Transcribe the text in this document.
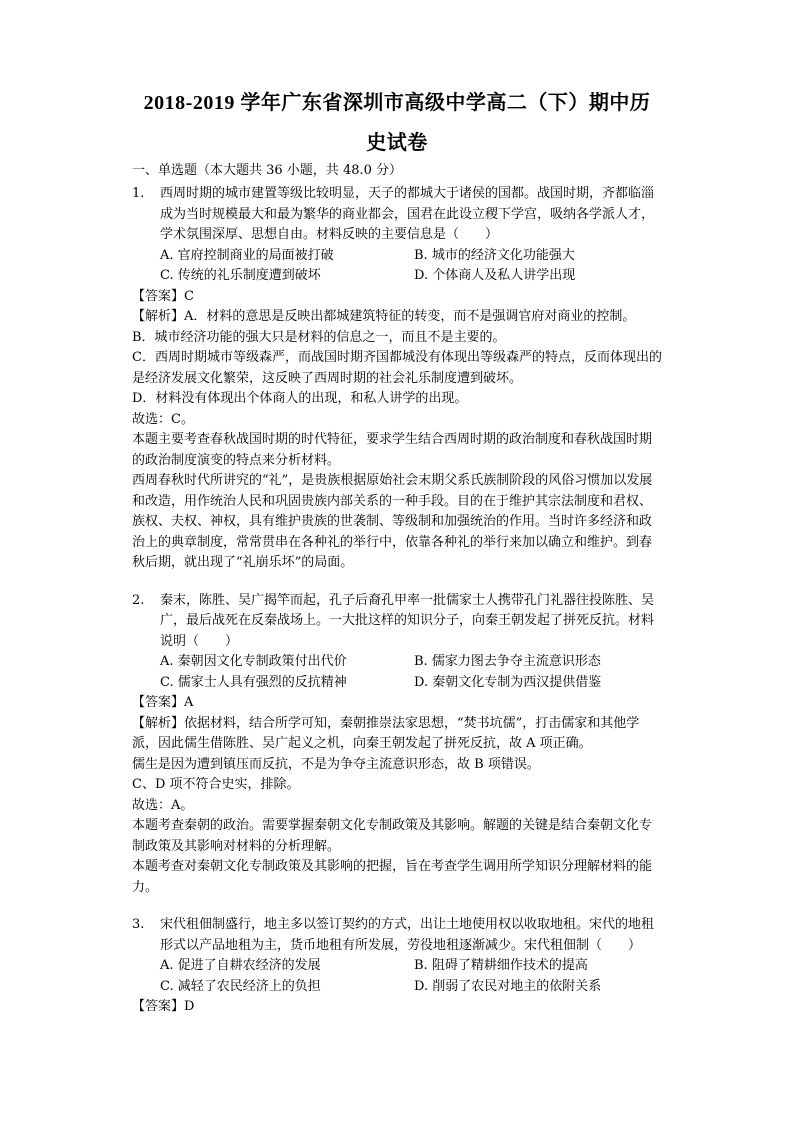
2018-2019 学年广东省深圳市高级中学高二（下）期中历
史试卷
一、单选题（本大题共 36 小题，共 48.0 分）
1.	西周时期的城市建置等级比较明显，天子的都城大于诸侯的国都。战国时期，齐都临淄成为当时规模最大和最为繁华的商业都会，国君在此设立稷下学宫，吸纳各学派人才，学术氛围深厚、思想自由。材料反映的主要信息是（　　）
A. 官府控制商业的局面被打破	B. 城市的经济文化功能强大
C. 传统的礼乐制度遭到破坏	D. 个体商人及私人讲学出现

【答案】C

【解析】A．材料的意思是反映出都城建筑特征的转变，而不是强调官府对商业的控制。

B．城市经济功能的强大只是材料的信息之一，而且不是主要的。

C．西周时期城市等级森严，而战国时期齐国都城没有体现出等级森严的特点，反而体现出的是经济发展文化繁荣，这反映了西周时期的社会礼乐制度遭到破坏。

D．材料没有体现出个体商人的出现，和私人讲学的出现。

故选：C。

本题主要考查春秋战国时期的时代特征，要求学生结合西周时期的政治制度和春秋战国时期的政治制度演变的特点来分析材料。

西周春秋时代所讲究的“礼”，是贵族根据原始社会末期父系氏族制阶段的风俗习惯加以发展和改造，用作统治人民和巩固贵族内部关系的一种手段。目的在于维护其宗法制度和君权、族权、夫权、神权，具有维护贵族的世袭制、等级制和加强统治的作用。当时许多经济和政治上的典章制度，常常贯串在各种礼的举行中，依靠各种礼的举行来加以确立和维护。到春秋后期，就出现了“礼崩乐坏”的局面。

2.	秦末，陈胜、吴广揭竿而起，孔子后裔孔甲率一批儒家士人携带孔门礼器往投陈胜、吴广，最后战死在反秦战场上。一大批这样的知识分子，向秦王朝发起了拼死反抗。材料说明（　　）
A. 秦朝因文化专制政策付出代价	B. 儒家力图去争夺主流意识形态
C. 儒家士人具有强烈的反抗精神	D. 秦朝文化专制为西汉提供借鉴

【答案】A

【解析】依据材料，结合所学可知，秦朝推崇法家思想，“焚书坑儒”，打击儒家和其他学派，因此儒生借陈胜、吴广起义之机，向秦王朝发起了拼死反抗，故 A 项正确。

儒生是因为遭到镇压而反抗，不是为争夺主流意识形态，故 B 项错误。

C、D 项不符合史实，排除。

故选：A。

本题考查秦朝的政治。需要掌握秦朝文化专制政策及其影响。解题的关键是结合秦朝文化专制政策及其影响对材料的分析理解。

本题考查对秦朝文化专制政策及其影响的把握，旨在考查学生调用所学知识分理解材料的能力。

3.	宋代租佃制盛行，地主多以签订契约的方式，出让土地使用权以收取地租。宋代的地租形式以产品地租为主，货币地租有所发展，劳役地租逐渐减少。宋代租佃制（　　）
A. 促进了自耕农经济的发展	B. 阻碍了精耕细作技术的提高
C. 减轻了农民经济上的负担	D. 削弱了农民对地主的依附关系

【答案】D
